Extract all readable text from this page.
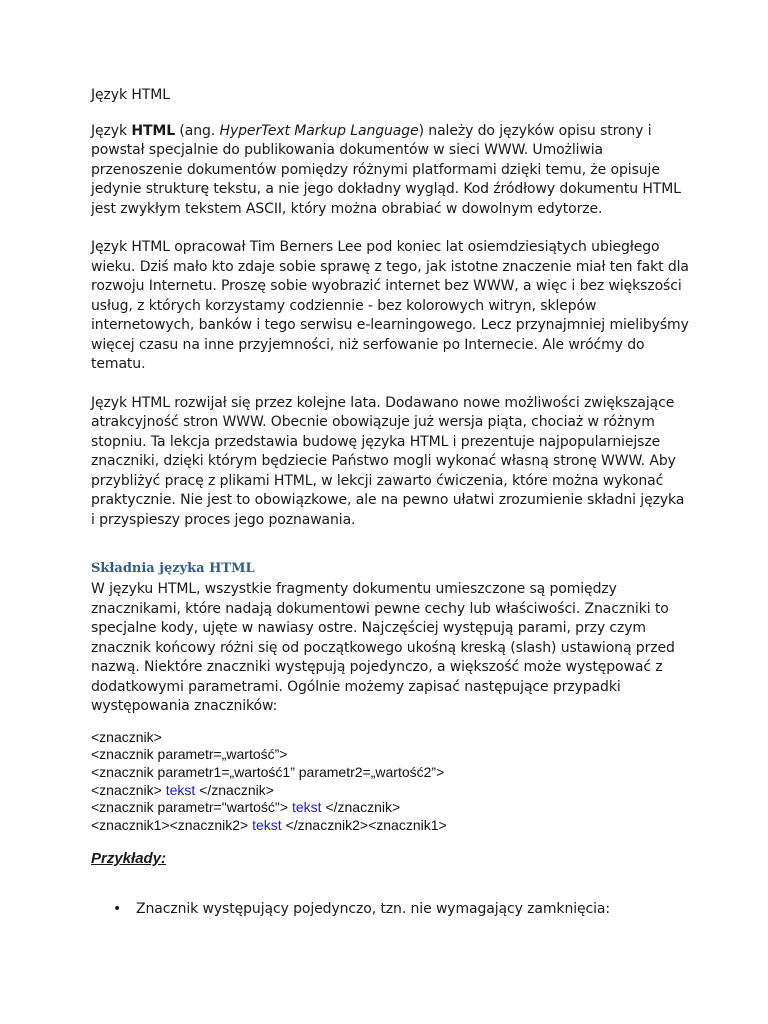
Język HTML

Język HTML (ang. HyperText Markup Language) należy do języków opisu strony i powstał specjalnie do publikowania dokumentów w sieci WWW. Umożliwia przenoszenie dokumentów pomiędzy różnymi platformami dzięki temu, że opisuje jedynie strukturę tekstu, a nie jego dokładny wygląd. Kod źródłowy dokumentu HTML jest zwykłym tekstem ASCII, który można obrabiać w dowolnym edytorze.

Język HTML opracował Tim Berners Lee pod koniec lat osiemdziesiątych ubiegłego wieku. Dziś mało kto zdaje sobie sprawę z tego, jak istotne znaczenie miał ten fakt dla rozwoju Internetu. Proszę sobie wyobrazić internet bez WWW, a więc i bez większości usług, z których korzystamy codziennie - bez kolorowych witryn, sklepów internetowych, banków i tego serwisu e-learningowego. Lecz przynajmniej mielibyśmy więcej czasu na inne przyjemności, niż serfowanie po Internecie. Ale wróćmy do tematu.

Język HTML rozwijał się przez kolejne lata. Dodawano nowe możliwości zwiększające atrakcyjność stron WWW. Obecnie obowiązuje już wersja piąta, chociaż w różnym stopniu. Ta lekcja przedstawia budowę języka HTML i prezentuje najpopularniejsze znaczniki, dzięki którym będziecie Państwo mogli wykonać własną stronę WWW. Aby przybliżyć pracę z plikami HTML, w lekcji zawarto ćwiczenia, które można wykonać praktycznie. Nie jest to obowiązkowe, ale na pewno ułatwi zrozumienie składni języka i przyspieszy proces jego poznawania.

Składnia języka HTML

W języku HTML, wszystkie fragmenty dokumentu umieszczone są pomiędzy znacznikami, które nadają dokumentowi pewne cechy lub właściwości. Znaczniki to specjalne kody, ujęte w nawiasy ostre. Najczęściej występują parami, przy czym znacznik końcowy różni się od początkowego ukośną kreską (slash) ustawioną przed nazwą. Niektóre znaczniki występują pojedynczo, a większość może występować z dodatkowymi parametrami. Ogólnie możemy zapisać następujące przypadki występowania znaczników:

<znacznik>
<znacznik parametr=„wartość”>
<znacznik parametr1=„wartość1” parametr2=„wartość2”>
<znacznik> tekst </znacznik>
<znacznik parametr="wartość"> tekst </znacznik>
<znacznik1><znacznik2> tekst </znacznik2><znacznik1>

Przykłady:

• Znacznik występujący pojedynczo, tzn. nie wymagający zamknięcia:
